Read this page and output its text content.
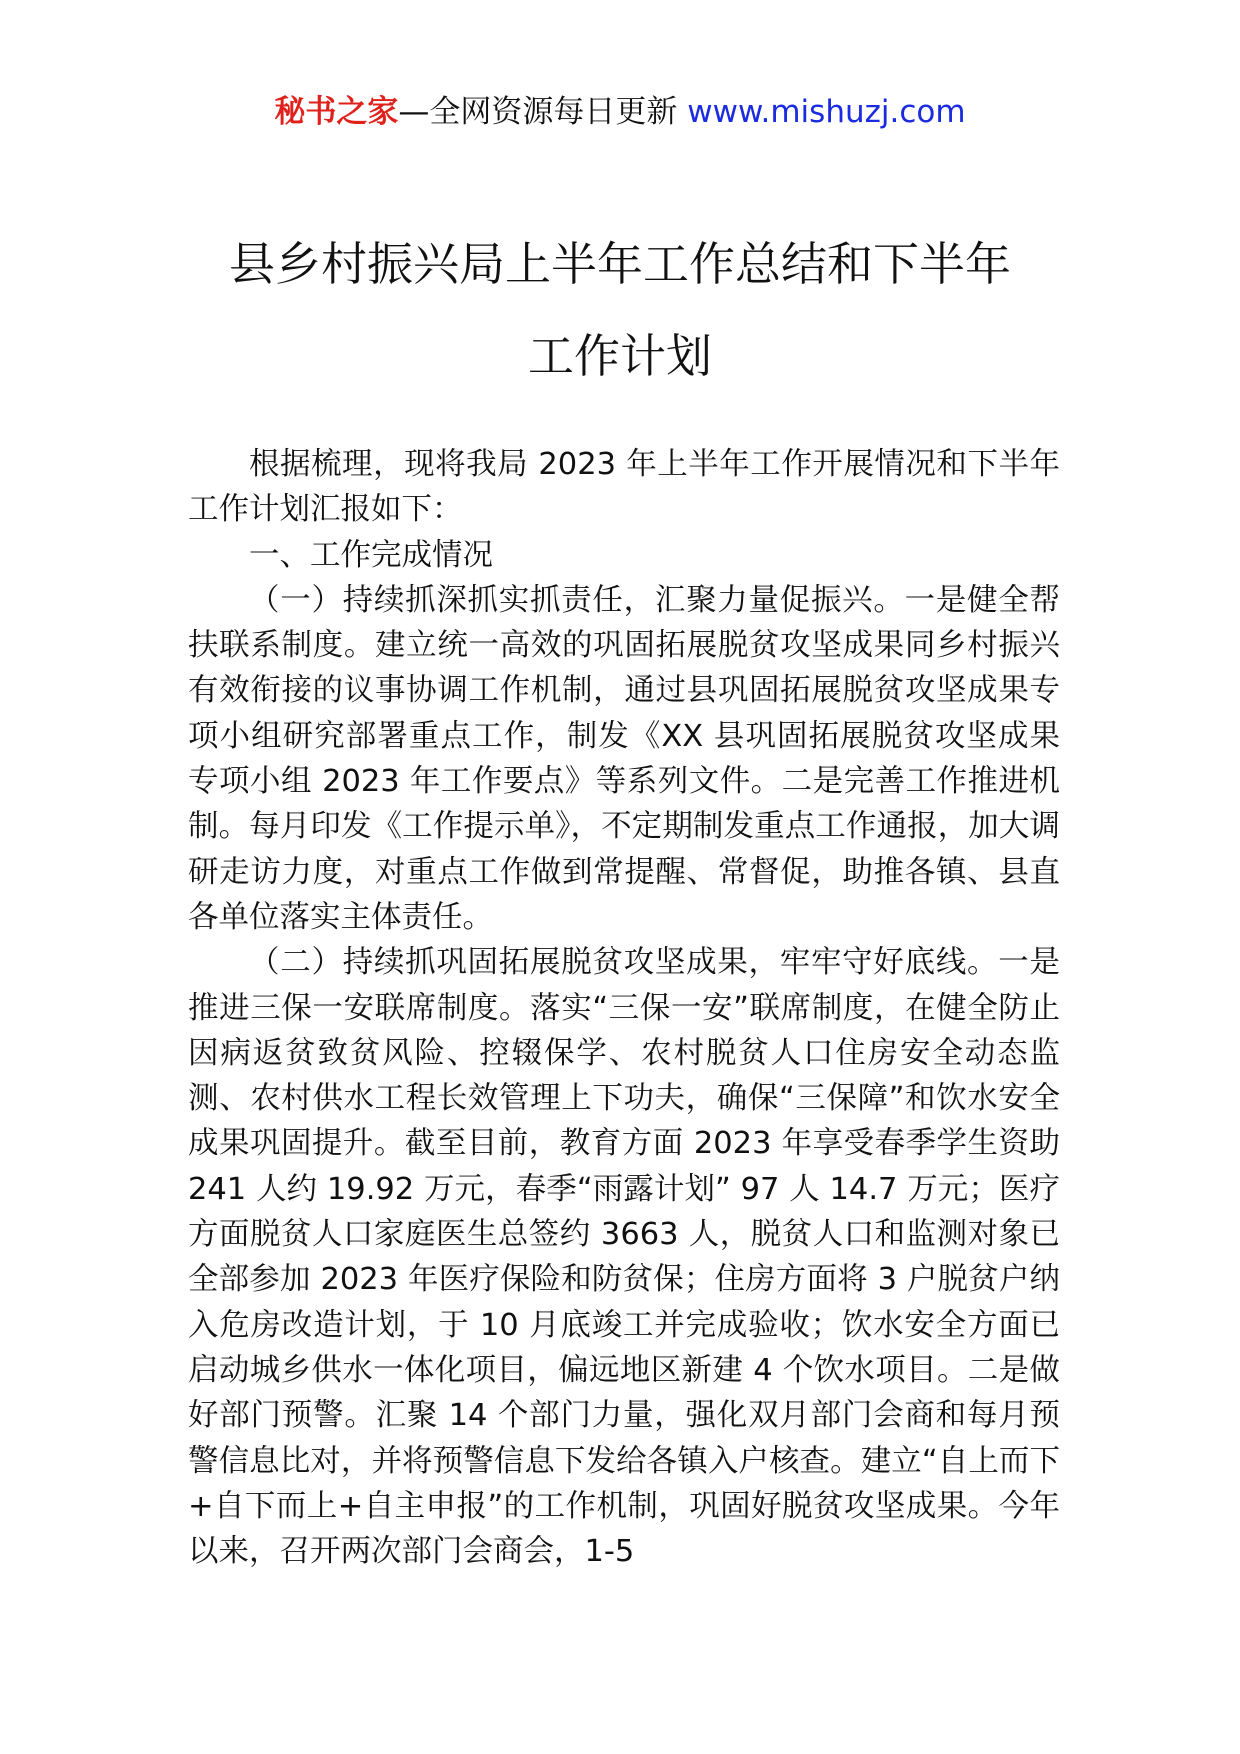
秘书之家—全网资源每日更新 www.mishuzj.com
县乡村振兴局上半年工作总结和下半年
工作计划

根据梳理，现将我局 2023 年上半年工作开展情况和下半年工作计划汇报如下：

一、工作完成情况

（一）持续抓深抓实抓责任，汇聚力量促振兴。一是健全帮扶联系制度。建立统一高效的巩固拓展脱贫攻坚成果同乡村振兴有效衔接的议事协调工作机制，通过县巩固拓展脱贫攻坚成果专项小组研究部署重点工作，制发《XX 县巩固拓展脱贫攻坚成果专项小组 2023 年工作要点》等系列文件。二是完善工作推进机制。每月印发《工作提示单》，不定期制发重点工作通报，加大调研走访力度，对重点工作做到常提醒、常督促，助推各镇、县直各单位落实主体责任。

（二）持续抓巩固拓展脱贫攻坚成果，牢牢守好底线。一是推进三保一安联席制度。落实“三保一安”联席制度，在健全防止因病返贫致贫风险、控辍保学、农村脱贫人口住房安全动态监测、农村供水工程长效管理上下功夫，确保“三保障”和饮水安全成果巩固提升。截至目前，教育方面 2023 年享受春季学生资助 241 人约 19.92 万元，春季“雨露计划” 97 人 14.7 万元；医疗方面脱贫人口家庭医生总签约 3663 人，脱贫人口和监测对象已全部参加 2023 年医疗保险和防贫保；住房方面将 3 户脱贫户纳入危房改造计划，于 10 月底竣工并完成验收；饮水安全方面已启动城乡供水一体化项目，偏远地区新建 4 个饮水项目。二是做好部门预警。汇聚 14 个部门力量，强化双月部门会商和每月预警信息比对，并将预警信息下发给各镇入户核查。建立“自上而下+自下而上+自主申报”的工作机制，巩固好脱贫攻坚成果。今年以来，召开两次部门会商会，1-5
